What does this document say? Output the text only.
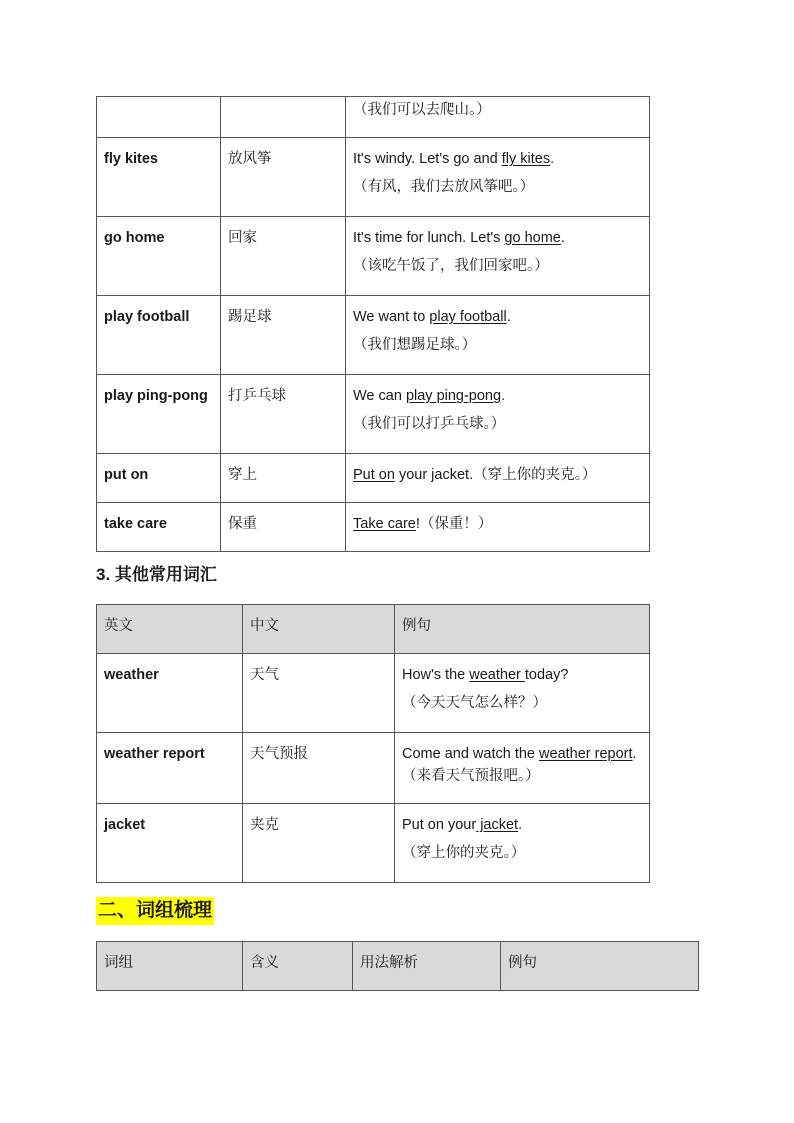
		（我们可以去爬山。）
fly kites	放风筝	It's windy. Let's go and fly kites.
（有风，我们去放风筝吧。）

go home	回家	It's time for lunch. Let's go home.
（该吃午饭了，我们回家吧。）

play football	踢足球	We want to play football.
（我们想踢足球。）

play ping-pong	打乒乓球	We can play ping-pong.
（我们可以打乒乓球。）

put on	穿上	Put on your jacket.（穿上你的夹克。）
take care	保重	Take care!（保重！）
3. 其他常用词汇
英文	中文	例句
weather	天气	How's the weather today?
（今天天气怎么样？）

weather report	天气预报	Come and watch the weather report.（来看天气预报吧。）
jacket	夹克	Put on your jacket.
（穿上你的夹克。）
二、词组梳理
词组	含义	用法解析	例句
